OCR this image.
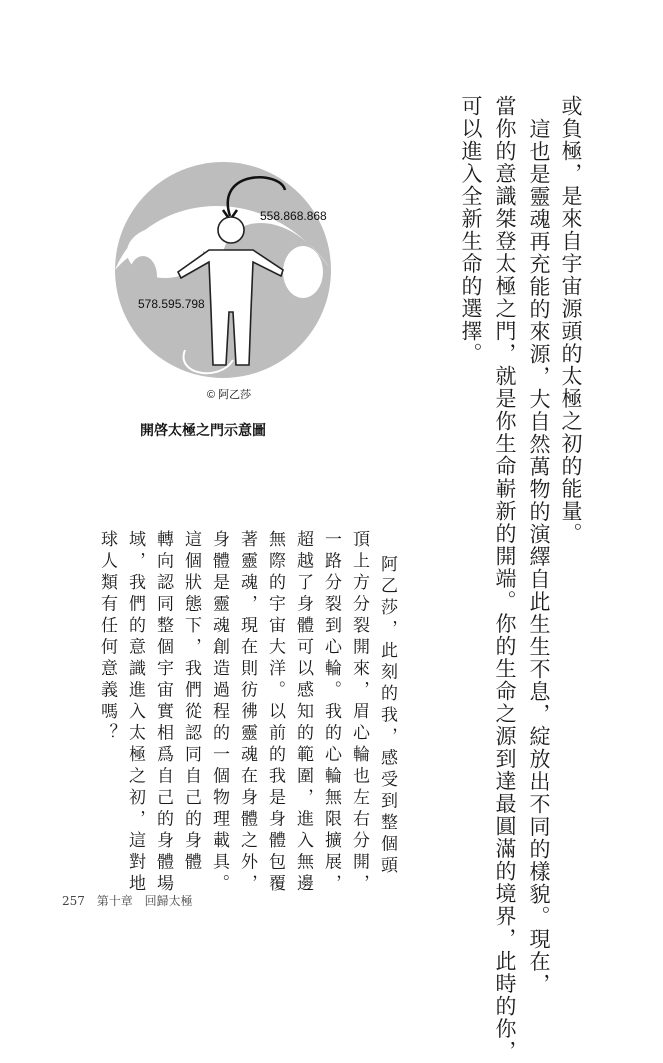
或負極，是來自宇宙源頭的太極之初的能量。

這也是靈魂再充能的來源，大自然萬物的演繹自此生生不息，綻放出不同的樣貌。現在，

當你的意識桀登太極之門，就是你生命嶄新的開端。你的生命之源到達最圓滿的境界，此時的你，

可以進入全新生命的選擇。

558.868.868
578.595.798
© 阿乙莎
開啓太極之門示意圖

阿乙莎，此刻的我，感受到整個頭

頂上方分裂開來，眉心輪也左右分開，

一路分裂到心輪。我的心輪無限擴展，

超越了身體可以感知的範圍，進入無邊

無際的宇宙大洋。以前的我是身體包覆

著靈魂，現在則彷彿靈魂在身體之外，

身體是靈魂創造過程的一個物理載具。

這個狀態下，我們從認同自己的身體

轉向認同整個宇宙實相爲自己的身體場

域，我們的意識進入太極之初，這對地

球人類有任何意義嗎？

257 第十章 回歸太極
